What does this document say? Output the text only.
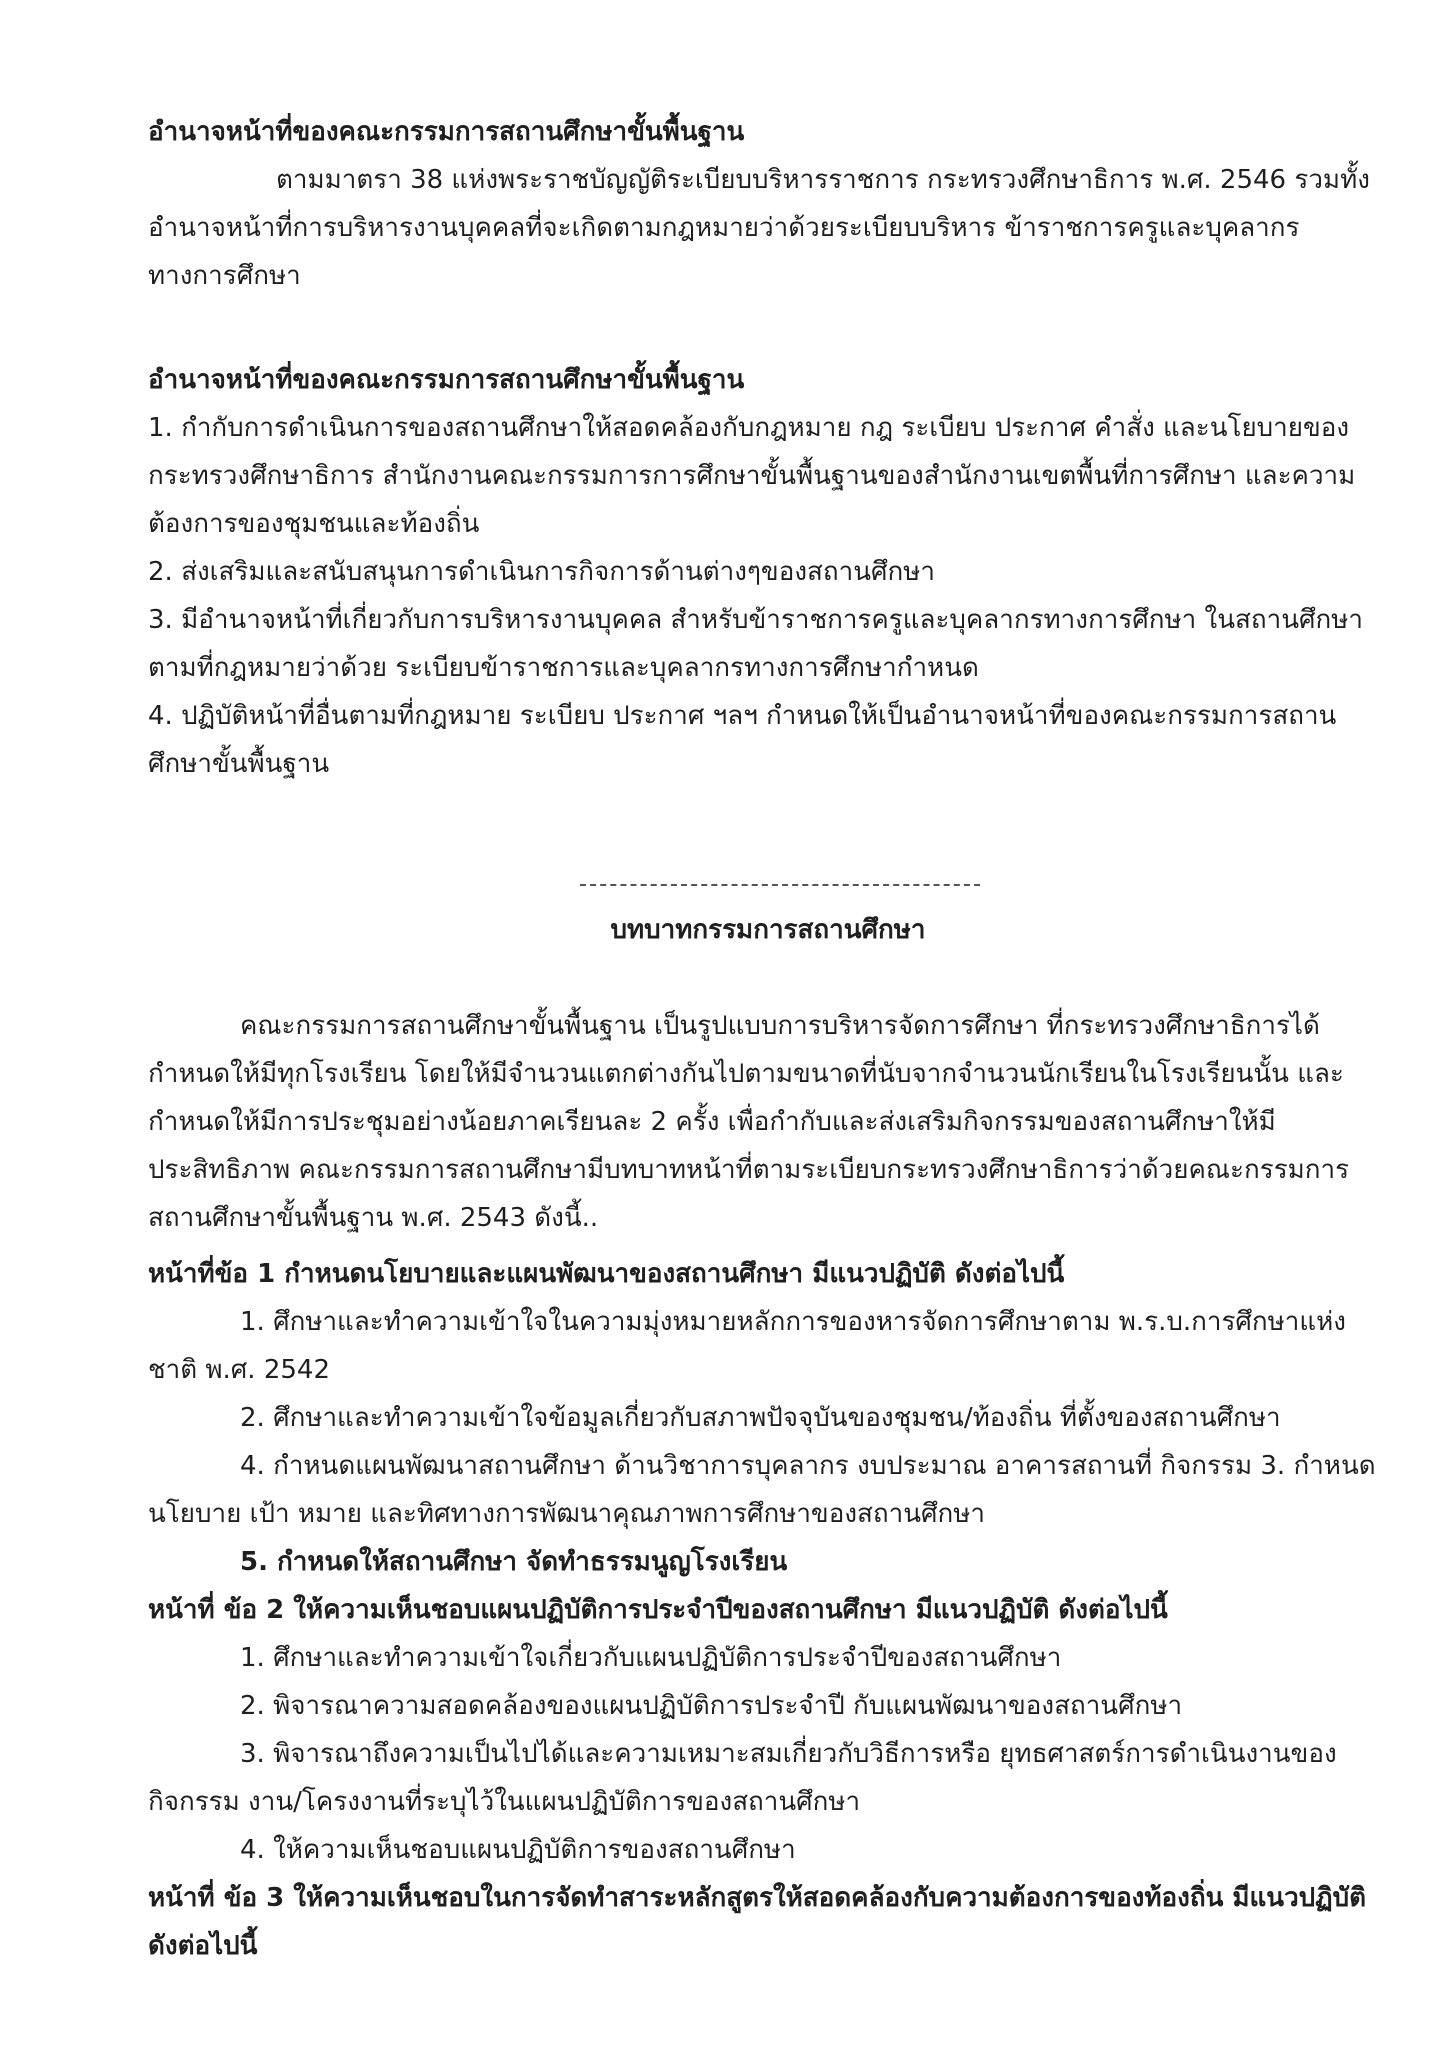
อำนาจหน้าที่ของคณะกรรมการสถานศึกษาขั้นพื้นฐาน

ตามมาตรา 38 แห่งพระราชบัญญัติระเบียบบริหารราชการ กระทรวงศึกษาธิการ พ.ศ. 2546 รวมทั้งอำนาจหน้าที่การบริหารงานบุคคลที่จะเกิดตามกฎหมายว่าด้วยระเบียบบริหาร ข้าราชการครูและบุคลากรทางการศึกษา

อำนาจหน้าที่ของคณะกรรมการสถานศึกษาขั้นพื้นฐาน

1. กำกับการดำเนินการของสถานศึกษาให้สอดคล้องกับกฎหมาย กฎ ระเบียบ ประกาศ คำสั่ง และนโยบายของกระทรวงศึกษาธิการ สำนักงานคณะกรรมการการศึกษาขั้นพื้นฐานของสำนักงานเขตพื้นที่การศึกษา และความต้องการของชุมชนและท้องถิ่น

2. ส่งเสริมและสนับสนุนการดำเนินการกิจการด้านต่างๆของสถานศึกษา

3. มีอำนาจหน้าที่เกี่ยวกับการบริหารงานบุคคล สำหรับข้าราชการครูและบุคลากรทางการศึกษา ในสถานศึกษา ตามที่กฎหมายว่าด้วย ระเบียบข้าราชการและบุคลากรทางการศึกษากำหนด

4. ปฏิบัติหน้าที่อื่นตามที่กฎหมาย ระเบียบ ประกาศ ฯลฯ กำหนดให้เป็นอำนาจหน้าที่ของคณะกรรมการสถานศึกษาขั้นพื้นฐาน

บทบาทกรรมการสถานศึกษา

คณะกรรมการสถานศึกษาขั้นพื้นฐาน เป็นรูปแบบการบริหารจัดการศึกษา ที่กระทรวงศึกษาธิการได้กำหนดให้มีทุกโรงเรียน โดยให้มีจำนวนแตกต่างกันไปตามขนาดที่นับจากจำนวนนักเรียนในโรงเรียนนั้น และกำหนดให้มีการประชุมอย่างน้อยภาคเรียนละ 2 ครั้ง เพื่อกำกับและส่งเสริมกิจกรรมของสถานศึกษาให้มีประสิทธิภาพ คณะกรรมการสถานศึกษามีบทบาทหน้าที่ตามระเบียบกระทรวงศึกษาธิการว่าด้วยคณะกรรมการสถานศึกษาขั้นพื้นฐาน พ.ศ. 2543 ดังนี้..

หน้าที่ข้อ 1 กำหนดนโยบายและแผนพัฒนาของสถานศึกษา มีแนวปฏิบัติ ดังต่อไปนี้

1. ศึกษาและทำความเข้าใจในความมุ่งหมายหลักการของหารจัดการศึกษาตาม พ.ร.บ.การศึกษาแห่งชาติ พ.ศ. 2542

2. ศึกษาและทำความเข้าใจข้อมูลเกี่ยวกับสภาพปัจจุบันของชุมชน/ท้องถิ่น ที่ตั้งของสถานศึกษา

4. กำหนดแผนพัฒนาสถานศึกษา ด้านวิชาการบุคลากร งบประมาณ อาคารสถานที่ กิจกรรม 3. กำหนดนโยบาย เป้า หมาย และทิศทางการพัฒนาคุณภาพการศึกษาของสถานศึกษา

5. กำหนดให้สถานศึกษา จัดทำธรรมนูญโรงเรียน

หน้าที่ ข้อ 2 ให้ความเห็นชอบแผนปฏิบัติการประจำปีของสถานศึกษา มีแนวปฏิบัติ ดังต่อไปนี้

1. ศึกษาและทำความเข้าใจเกี่ยวกับแผนปฏิบัติการประจำปีของสถานศึกษา

2. พิจารณาความสอดคล้องของแผนปฏิบัติการประจำปี กับแผนพัฒนาของสถานศึกษา

3. พิจารณาถึงความเป็นไปได้และความเหมาะสมเกี่ยวกับวิธีการหรือ ยุทธศาสตร์การดำเนินงานของกิจกรรม งาน/โครงงานที่ระบุไว้ในแผนปฏิบัติการของสถานศึกษา

4. ให้ความเห็นชอบแผนปฏิบัติการของสถานศึกษา

หน้าที่ ข้อ 3 ให้ความเห็นชอบในการจัดทำสาระหลักสูตรให้สอดคล้องกับความต้องการของท้องถิ่น มีแนวปฏิบัติ ดังต่อไปนี้
